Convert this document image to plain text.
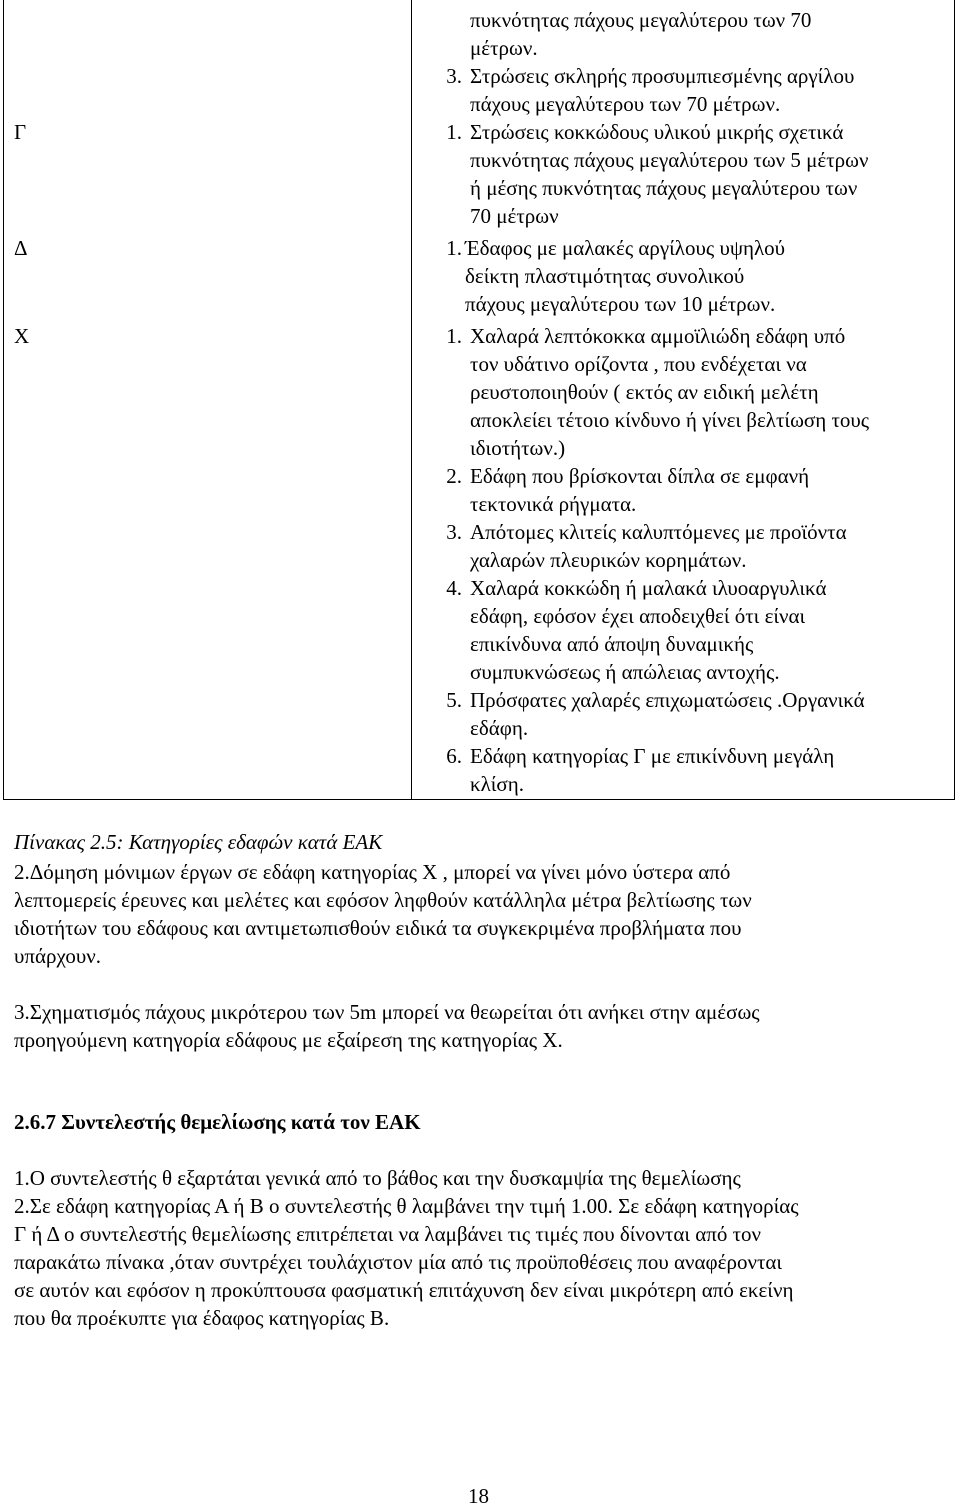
πυκνότητας πάχους μεγαλύτερου των 70
μέτρων.
3. Στρώσεις σκληρής προσυμπιεσμένης αργίλου
πάχους μεγαλύτερου των 70 μέτρων.
Γ	1. Στρώσεις κοκκώδους υλικού μικρής σχετικά
πυκνότητας πάχους μεγαλύτερου των 5 μέτρων
ή μέσης πυκνότητας πάχους μεγαλύτερου των
70 μέτρων
Δ	1. Έδαφος με μαλακές αργίλους υψηλού
δείκτη πλαστιμότητας συνολικού
πάχους μεγαλύτερου των 10 μέτρων.
Χ	1. Χαλαρά λεπτόκοκκα αμμοϊλιώδη εδάφη υπό
τον υδάτινο ορίζοντα , που ενδέχεται να
ρευστοποιηθούν ( εκτός αν ειδική μελέτη
αποκλείει τέτοιο κίνδυνο ή γίνει βελτίωση τους
ιδιοτήτων.)
2. Εδάφη που βρίσκονται δίπλα σε εμφανή
τεκτονικά ρήγματα.
3. Απότομες κλιτείς καλυπτόμενες με προϊόντα
χαλαρών πλευρικών κορημάτων.
4. Χαλαρά κοκκώδη ή μαλακά ιλυοαργυλικά
εδάφη, εφόσον έχει αποδειχθεί ότι είναι
επικίνδυνα από άποψη δυναμικής
συμπυκνώσεως ή απώλειας αντοχής.
5. Πρόσφατες χαλαρές επιχωματώσεις .Οργανικά
εδάφη.
6. Εδάφη κατηγορίας Γ με επικίνδυνη μεγάλη
κλίση.
Πίνακας 2.5: Κατηγορίες εδαφών κατά ΕΑΚ
2.Δόμηση μόνιμων έργων σε εδάφη κατηγορίας Χ , μπορεί να γίνει μόνο ύστερα από
λεπτομερείς έρευνες και μελέτες και εφόσον ληφθούν κατάλληλα μέτρα βελτίωσης των
ιδιοτήτων του εδάφους και αντιμετωπισθούν ειδικά τα συγκεκριμένα προβλήματα που
υπάρχουν.
3.Σχηματισμός πάχους μικρότερου των 5m μπορεί να θεωρείται ότι ανήκει στην αμέσως
προηγούμενη κατηγορία εδάφους με εξαίρεση της κατηγορίας Χ.
2.6.7 Συντελεστής θεμελίωσης κατά τον ΕΑΚ
1.Ο συντελεστής θ εξαρτάται γενικά από το βάθος και την δυσκαμψία της θεμελίωσης
2.Σε εδάφη κατηγορίας Α ή Β ο συντελεστής θ λαμβάνει την τιμή 1.00. Σε εδάφη κατηγορίας
Γ ή Δ ο συντελεστής θεμελίωσης επιτρέπεται να λαμβάνει τις τιμές που δίνονται από τον
παρακάτω πίνακα ,όταν συντρέχει τουλάχιστον μία από τις προϋποθέσεις που αναφέρονται
σε αυτόν και εφόσον η προκύπτουσα φασματική επιτάχυνση δεν είναι μικρότερη από εκείνη
που θα προέκυπτε για έδαφος κατηγορίας Β.
18
